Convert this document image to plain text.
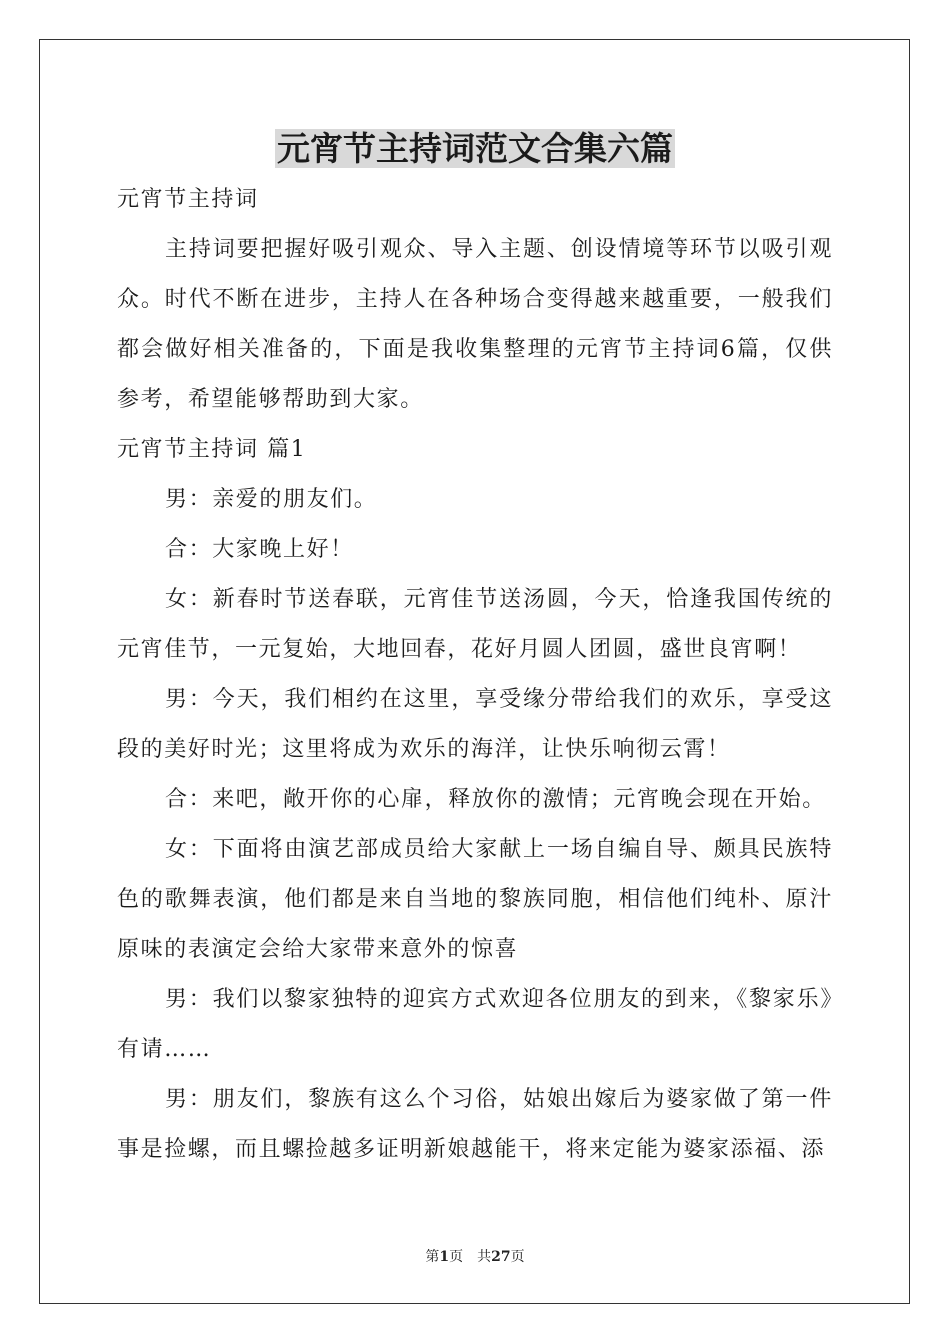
元宵节主持词范文合集六篇

元宵节主持词

主持词要把握好吸引观众、导入主题、创设情境等环节以吸引观众。时代不断在进步，主持人在各种场合变得越来越重要，一般我们都会做好相关准备的，下面是我收集整理的元宵节主持词6篇，仅供参考，希望能够帮助到大家。

元宵节主持词 篇1

男：亲爱的朋友们。

合：大家晚上好！

女：新春时节送春联，元宵佳节送汤圆，今天，恰逢我国传统的元宵佳节，一元复始，大地回春，花好月圆人团圆，盛世良宵啊！

男：今天，我们相约在这里，享受缘分带给我们的欢乐，享受这段的美好时光；这里将成为欢乐的海洋，让快乐响彻云霄！

合：来吧，敞开你的心扉，释放你的激情；元宵晚会现在开始。

女：下面将由演艺部成员给大家献上一场自编自导、颇具民族特色的歌舞表演，他们都是来自当地的黎族同胞，相信他们纯朴、原汁原味的表演定会给大家带来意外的惊喜

男：我们以黎家独特的迎宾方式欢迎各位朋友的到来，《黎家乐》有请……

男：朋友们，黎族有这么个习俗，姑娘出嫁后为婆家做了第一件事是捡螺，而且螺捡越多证明新娘越能干，将来定能为婆家添福、添

第1页　共27页
